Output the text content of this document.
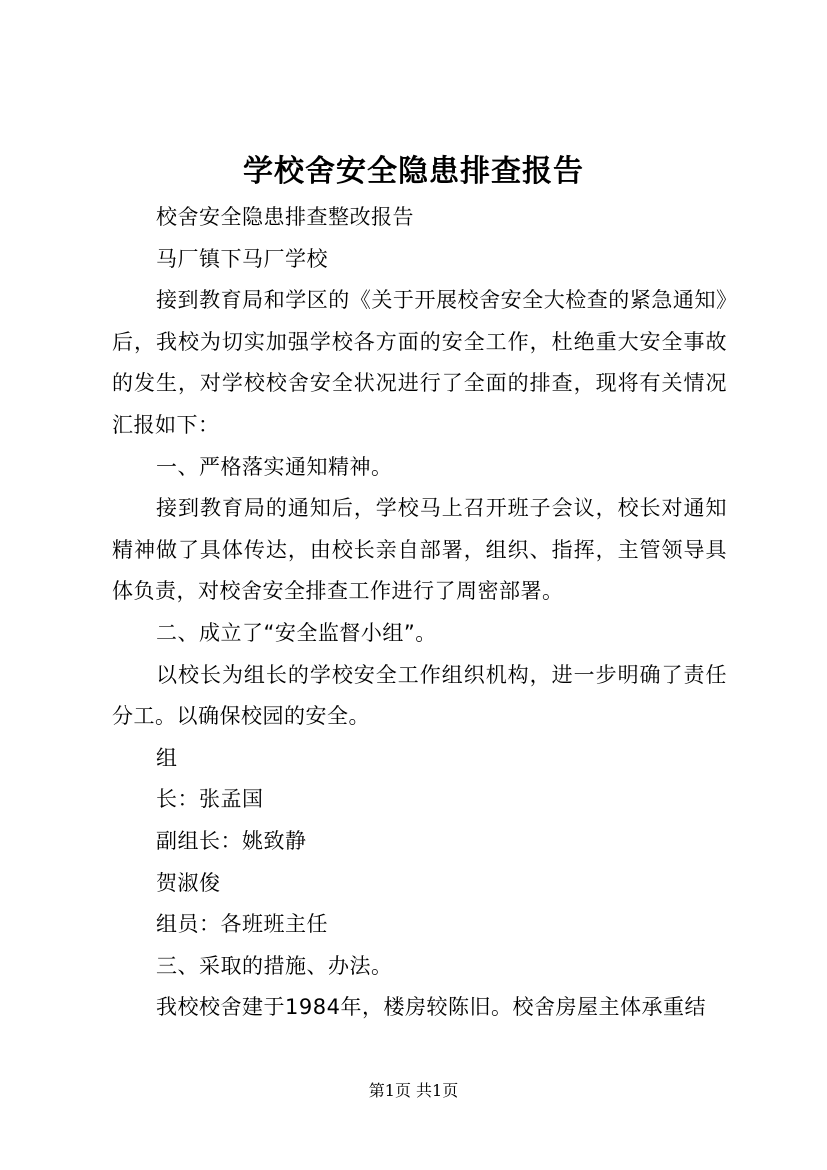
学校舍安全隐患排查报告

校舍安全隐患排查整改报告

马厂镇下马厂学校

接到教育局和学区的《关于开展校舍安全大检查的紧急通知》后，我校为切实加强学校各方面的安全工作，杜绝重大安全事故的发生，对学校校舍安全状况进行了全面的排查，现将有关情况汇报如下：

一、严格落实通知精神。

接到教育局的通知后，学校马上召开班子会议，校长对通知精神做了具体传达，由校长亲自部署，组织、指挥，主管领导具体负责，对校舍安全排查工作进行了周密部署。

二、成立了“安全监督小组”。

以校长为组长的学校安全工作组织机构，进一步明确了责任分工。以确保校园的安全。

组

长：张孟国

副组长：姚致静

贺淑俊

组员：各班班主任

三、采取的措施、办法。

我校校舍建于1984年，楼房较陈旧。校舍房屋主体承重结

第1页 共1页
